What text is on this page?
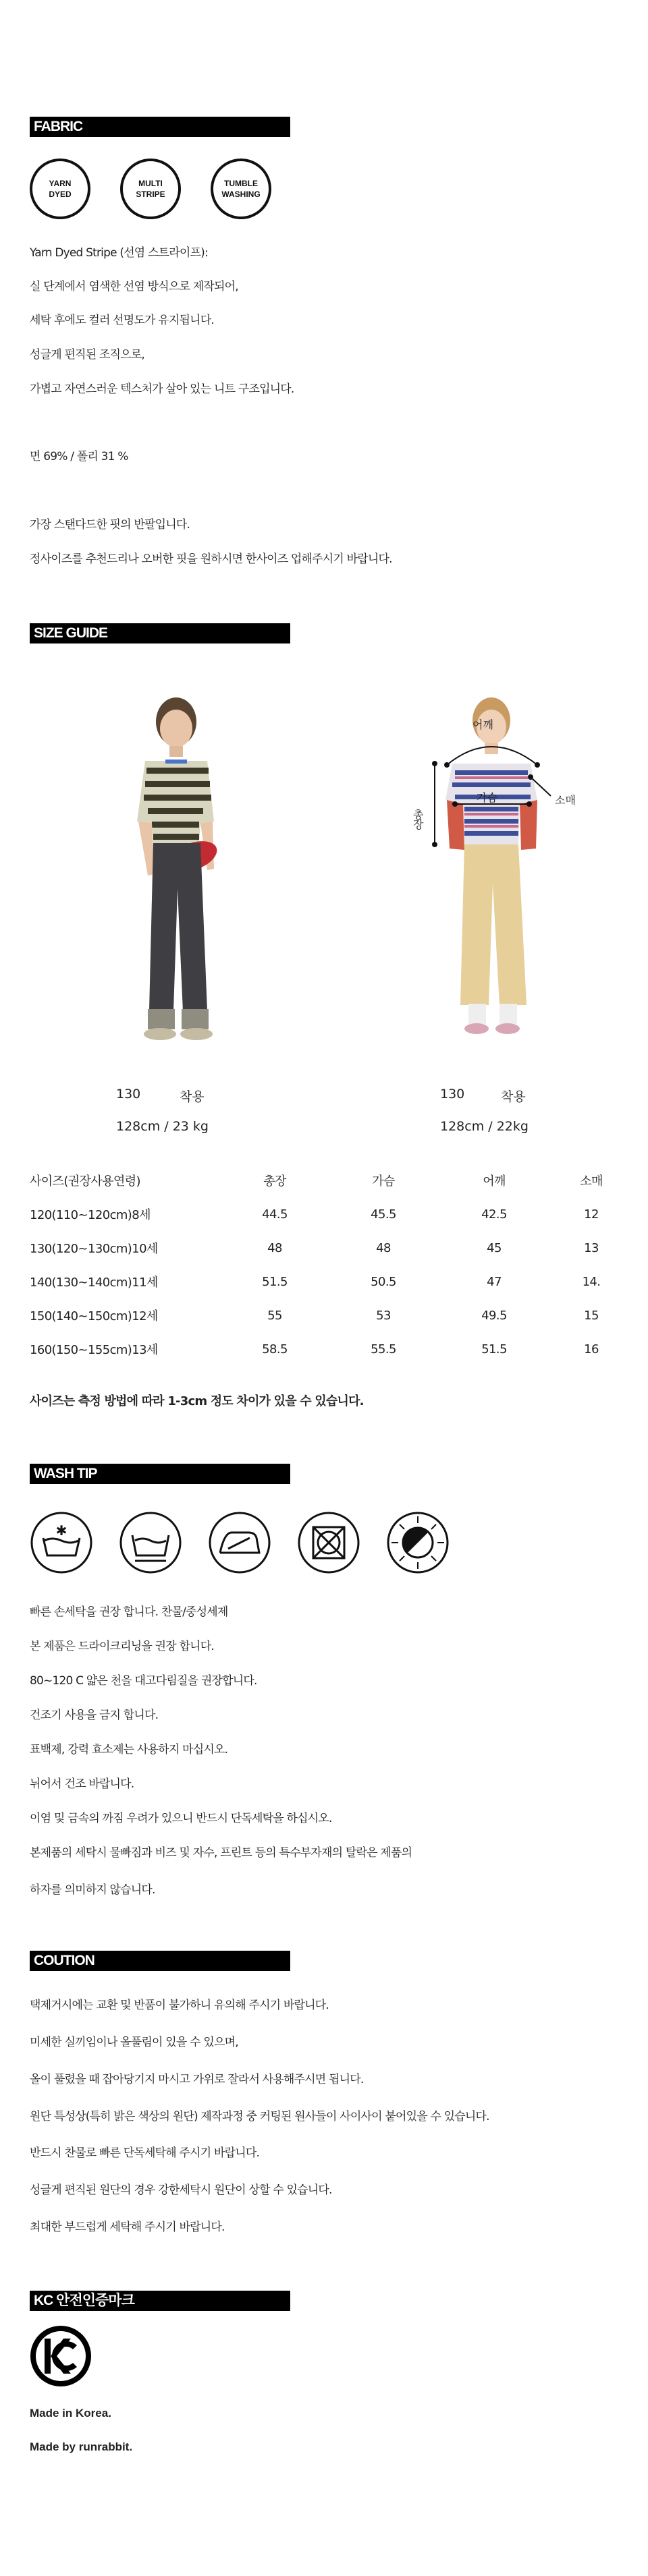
FABRIC
YARN
DYED
MULTI
STRIPE
TUMBLE
WASHING
Yarn Dyed Stripe (선염 스트라이프):
실 단계에서 염색한 선염 방식으로 제작되어,
세탁 후에도 컬러 선명도가 유지됩니다.
성글게 편직된 조직으로,
가볍고 자연스러운 텍스처가 살아 있는 니트 구조입니다.
면 69% / 폴리 31 %
가장 스탠다드한 핏의 반팔입니다.
정사이즈를 추천드리나 오버한 핏을 원하시면 한사이즈 업해주시기 바랍니다.
SIZE GUIDE
어깨
가슴	소매
총장
130	착용
128cm / 23 kg
130	착용
128cm / 22kg
사이즈(권장사용연령)	총장	가슴	어깨	소매
120(110~120cm)8세	44.5	45.5	42.5	12
130(120~130cm)10세	48	48	45	13
140(130~140cm)11세	51.5	50.5	47	14.
150(140~150cm)12세	55	53	49.5	15
160(150~155cm)13세	58.5	55.5	51.5	16
사이즈는 측정 방법에 따라 1-3cm 정도 차이가 있을 수 있습니다.
WASH TIP
✱
빠른 손세탁을 권장 합니다. 찬물/중성세제
본 제품은 드라이크리닝을 권장 합니다.
80~120 C 얇은 천을 대고다림질을 권장합니다.
건조기 사용을 금지 합니다.
표백제, 강력 효소제는 사용하지 마십시오.
뉘어서 건조 바랍니다.
이염 및 금속의 까짐 우려가 있으니 반드시 단독세탁을 하십시오.
본제품의 세탁시 물빠짐과 비즈 및 자수, 프린트 등의 특수부자재의 탈락은 제품의
하자를 의미하지 않습니다.
COUTION
택제거시에는 교환 및 반품이 불가하니 유의해 주시기 바랍니다.
미세한 실끼임이나 올풀림이 있을 수 있으며,
올이 풀렸을 때 잡아당기지 마시고 가위로 잘라서 사용해주시면 됩니다.
원단 특성상(특히 밝은 색상의 원단) 제작과정 중 커팅된 원사들이 사이사이 붙어있을 수 있습니다.
반드시 찬물로 빠른 단독세탁해 주시기 바랍니다.
성글게 편직된 원단의 경우 강한세탁시 원단이 상할 수 있습니다.
최대한 부드럽게 세탁해 주시기 바랍니다.
KC 안전인증마크
Made in Korea.
Made by runrabbit.
